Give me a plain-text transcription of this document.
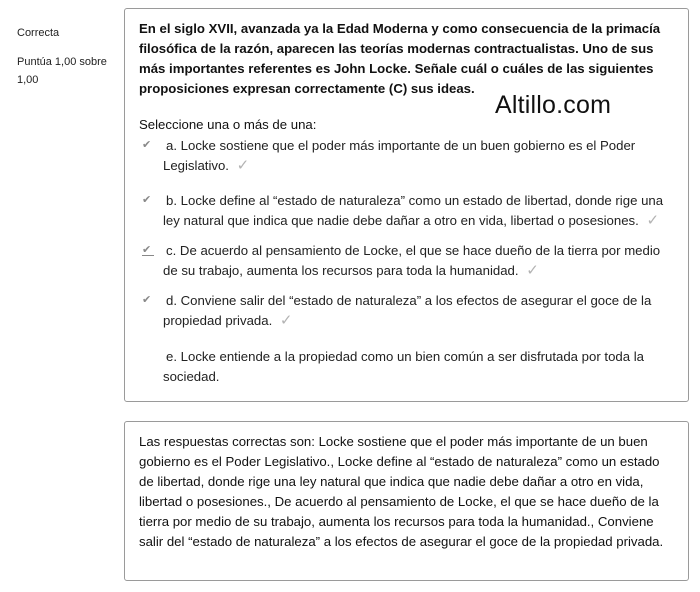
Correcta
Puntúa 1,00 sobre
1,00

En el siglo XVII, avanzada ya la Edad Moderna y como consecuencia de la primacía filosófica de la razón, aparecen las teorías modernas contractualistas. Uno de sus más importantes referentes es John Locke. Señale cuál o cuáles de las siguientes proposiciones expresan correctamente (C) sus ideas.

Seleccione una o más de una:
✔ a. Locke sostiene que el poder más importante de un buen gobierno es el Poder Legislativo. ✓
✔ b. Locke define al “estado de naturaleza” como un estado de libertad, donde rige una ley natural que indica que nadie debe dañar a otro en vida, libertad o posesiones. ✓
✔ c. De acuerdo al pensamiento de Locke, el que se hace dueño de la tierra por medio de su trabajo, aumenta los recursos para toda la humanidad. ✓
✔ d. Conviene salir del “estado de naturaleza” a los efectos de asegurar el goce de la propiedad privada. ✓
e. Locke entiende a la propiedad como un bien común a ser disfrutada por toda la sociedad.
Altillo.com

Las respuestas correctas son: Locke sostiene que el poder más importante de un buen gobierno es el Poder Legislativo., Locke define al “estado de naturaleza” como un estado de libertad, donde rige una ley natural que indica que nadie debe dañar a otro en vida, libertad o posesiones., De acuerdo al pensamiento de Locke, el que se hace dueño de la tierra por medio de su trabajo, aumenta los recursos para toda la humanidad., Conviene salir del “estado de naturaleza” a los efectos de asegurar el goce de la propiedad privada.
